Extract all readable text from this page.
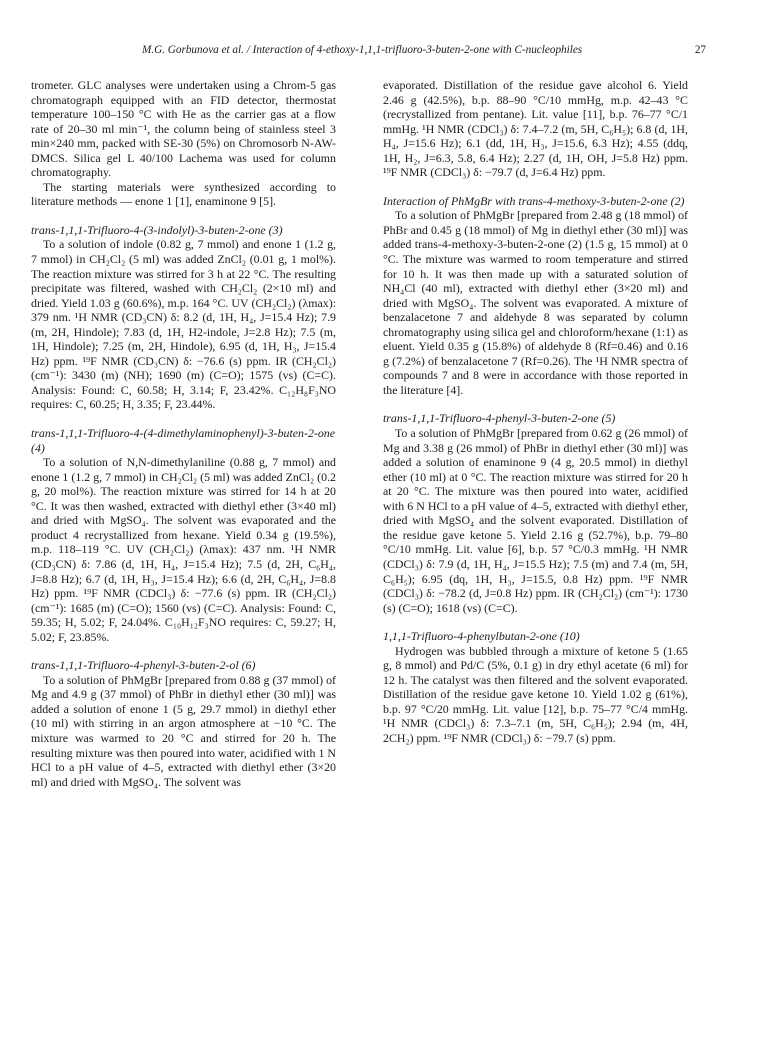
M.G. Gorbunova et al. / Interaction of 4-ethoxy-1,1,1-trifluoro-3-buten-2-one with C-nucleophiles	27

trometer. GLC analyses were undertaken using a Chrom-5 gas chromatograph equipped with an FID detector, thermostat temperature 100–150 °C with He as the carrier gas at a flow rate of 20–30 ml min⁻¹, the column being of stainless steel 3 min×240 mm, packed with SE-30 (5%) on Chromosorb N-AW-DMCS. Silica gel L 40/100 Lachema was used for column chromatography.

The starting materials were synthesized according to literature methods — enone 1 [1], enaminone 9 [5].

trans-1,1,1-Trifluoro-4-(3-indolyl)-3-buten-2-one (3)

To a solution of indole (0.82 g, 7 mmol) and enone 1 (1.2 g, 7 mmol) in CH₂Cl₂ (5 ml) was added ZnCl₂ (0.01 g, 1 mol%). The reaction mixture was stirred for 3 h at 22 °C. The resulting precipitate was filtered, washed with CH₂Cl₂ (2×10 ml) and dried. Yield 1.03 g (60.6%), m.p. 164 °C. UV (CH₂Cl₂) (λmax): 379 nm. ¹H NMR (CD₃CN) δ: 8.2 (d, 1H, H₄, J=15.4 Hz); 7.9 (m, 2H, Hindole); 7.83 (d, 1H, H2-indole, J=2.8 Hz); 7.5 (m, 1H, Hindole); 7.25 (m, 2H, Hindole), 6.95 (d, 1H, H₃, J=15.4 Hz) ppm. ¹⁹F NMR (CD₃CN) δ: −76.6 (s) ppm. IR (CH₂Cl₂) (cm⁻¹): 3430 (m) (NH); 1690 (m) (C=O); 1575 (vs) (C=C). Analysis: Found: C, 60.58; H, 3.14; F, 23.42%. C₁₂H₈F₃NO requires: C, 60.25; H, 3.35; F, 23.44%.

trans-1,1,1-Trifluoro-4-(4-dimethylaminophenyl)-3-buten-2-one (4)

To a solution of N,N-dimethylaniline (0.88 g, 7 mmol) and enone 1 (1.2 g, 7 mmol) in CH₂Cl₂ (5 ml) was added ZnCl₂ (0.2 g, 20 mol%). The reaction mixture was stirred for 14 h at 20 °C. It was then washed, extracted with diethyl ether (3×40 ml) and dried with MgSO₄. The solvent was evaporated and the product 4 recrystallized from hexane. Yield 0.34 g (19.5%), m.p. 118–119 °C. UV (CH₂Cl₂) (λmax): 437 nm. ¹H NMR (CD₃CN) δ: 7.86 (d, 1H, H₄, J=15.4 Hz); 7.5 (d, 2H, C₆H₄, J=8.8 Hz); 6.7 (d, 1H, H₃, J=15.4 Hz); 6.6 (d, 2H, C₆H₄, J=8.8 Hz) ppm. ¹⁹F NMR (CDCl₃) δ: −77.6 (s) ppm. IR (CH₂Cl₂) (cm⁻¹): 1685 (m) (C=O); 1560 (vs) (C=C). Analysis: Found: C, 59.35; H, 5.02; F, 24.04%. C₁₀H₁₂F₃NO requires: C, 59.27; H, 5.02; F, 23.85%.

trans-1,1,1-Trifluoro-4-phenyl-3-buten-2-ol (6)

To a solution of PhMgBr [prepared from 0.88 g (37 mmol) of Mg and 4.9 g (37 mmol) of PhBr in diethyl ether (30 ml)] was added a solution of enone 1 (5 g, 29.7 mmol) in diethyl ether (10 ml) with stirring in an argon atmosphere at −10 °C. The mixture was warmed to 20 °C and stirred for 20 h. The resulting mixture was then poured into water, acidified with 1 N HCl to a pH value of 4–5, extracted with diethyl ether (3×20 ml) and dried with MgSO₄. The solvent was

evaporated. Distillation of the residue gave alcohol 6. Yield 2.46 g (42.5%), b.p. 88–90 °C/10 mmHg, m.p. 42–43 °C (recrystallized from pentane). Lit. value [11], b.p. 76–77 °C/1 mmHg. ¹H NMR (CDCl₃) δ: 7.4–7.2 (m, 5H, C₆H₅); 6.8 (d, 1H, H₄, J=15.6 Hz); 6.1 (dd, 1H, H₃, J=15.6, 6.3 Hz); 4.55 (ddq, 1H, H₂, J=6.3, 5.8, 6.4 Hz); 2.27 (d, 1H, OH, J=5.8 Hz) ppm. ¹⁹F NMR (CDCl₃) δ: −79.7 (d, J=6.4 Hz) ppm.

Interaction of PhMgBr with trans-4-methoxy-3-buten-2-one (2)

To a solution of PhMgBr [prepared from 2.48 g (18 mmol) of PhBr and 0.45 g (18 mmol) of Mg in diethyl ether (30 ml)] was added trans-4-methoxy-3-buten-2-one (2) (1.5 g, 15 mmol) at 0 °C. The mixture was warmed to room temperature and stirred for 10 h. It was then made up with a saturated solution of NH₄Cl (40 ml), extracted with diethyl ether (3×20 ml) and dried with MgSO₄. The solvent was evaporated. A mixture of benzalacetone 7 and aldehyde 8 was separated by column chromatography using silica gel and chloroform/hexane (1:1) as eluent. Yield 0.35 g (15.8%) of aldehyde 8 (Rf=0.46) and 0.16 g (7.2%) of benzalacetone 7 (Rf=0.26). The ¹H NMR spectra of compounds 7 and 8 were in accordance with those reported in the literature [4].

trans-1,1,1-Trifluoro-4-phenyl-3-buten-2-one (5)

To a solution of PhMgBr [prepared from 0.62 g (26 mmol) of Mg and 3.38 g (26 mmol) of PhBr in diethyl ether (30 ml)] was added a solution of enaminone 9 (4 g, 20.5 mmol) in diethyl ether (10 ml) at 0 °C. The reaction mixture was stirred for 20 h at 20 °C. The mixture was then poured into water, acidified with 6 N HCl to a pH value of 4–5, extracted with diethyl ether, dried with MgSO₄ and the solvent evaporated. Distillation of the residue gave ketone 5. Yield 2.16 g (52.7%), b.p. 79–80 °C/10 mmHg. Lit. value [6], b.p. 57 °C/0.3 mmHg. ¹H NMR (CDCl₃) δ: 7.9 (d, 1H, H₄, J=15.5 Hz); 7.5 (m) and 7.4 (m, 5H, C₆H₅); 6.95 (dq, 1H, H₃, J=15.5, 0.8 Hz) ppm. ¹⁹F NMR (CDCl₃) δ: −78.2 (d, J=0.8 Hz) ppm. IR (CH₂Cl₂) (cm⁻¹): 1730 (s) (C=O); 1618 (vs) (C=C).

1,1,1-Trifluoro-4-phenylbutan-2-one (10)

Hydrogen was bubbled through a mixture of ketone 5 (1.65 g, 8 mmol) and Pd/C (5%, 0.1 g) in dry ethyl acetate (6 ml) for 12 h. The catalyst was then filtered and the solvent evaporated. Distillation of the residue gave ketone 10. Yield 1.02 g (61%), b.p. 97 °C/20 mmHg. Lit. value [12], b.p. 75–77 °C/4 mmHg. ¹H NMR (CDCl₃) δ: 7.3–7.1 (m, 5H, C₆H₅); 2.94 (m, 4H, 2CH₂) ppm. ¹⁹F NMR (CDCl₃) δ: −79.7 (s) ppm.
